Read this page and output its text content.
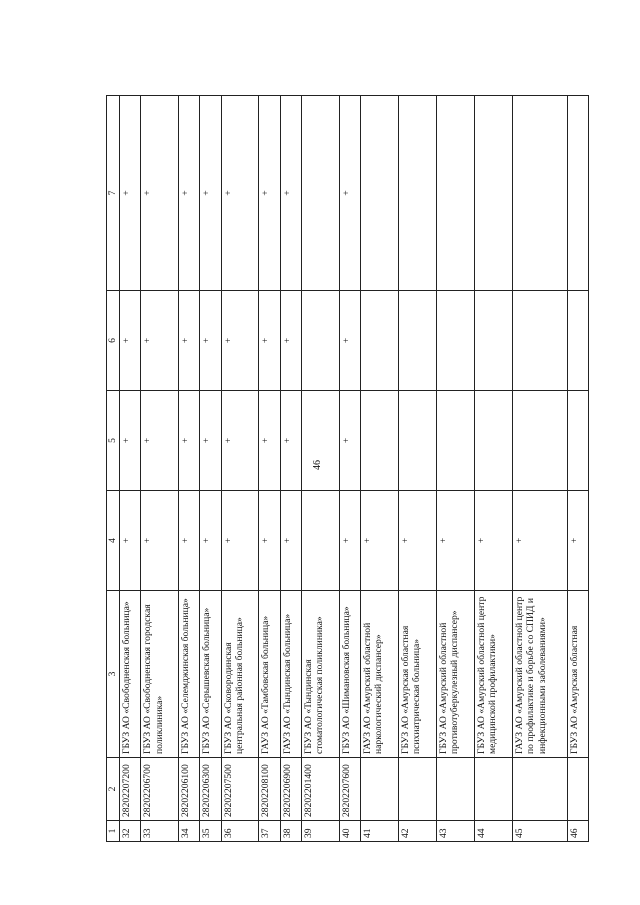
46
1	2	3	4	5	6	7
32	28202207200	ГБУЗ АО «Свободненская больница»	+	+	+	+
33	28202206700	ГБУЗ АО «Свободненская городская поликлиника»	+	+	+	+
34	28202206100	ГБУЗ АО «Селемджинская больница»	+	+	+	+
35	28202206300	ГБУЗ АО «Серышевская больница»	+	+	+	+
36	28202207500	ГБУЗ АО «Сковородинская центральная районная больница»	+	+	+	+
37	28202208100	ГАУЗ АО «Тамбовская больница»	+	+	+	+
38	28202206900	ГАУЗ АО «Тындинская больница»	+	+	+	+
39	28202201400	ГБУЗ АО «Тындинская стоматологическая поликлиника»				
40	28202207600	ГБУЗ АО «Шимановская больница»	+	+	+	+
41		ГАУЗ АО «Амурский областной наркологический диспансер»	+			
42		ГБУЗ АО «Амурская областная психиатрическая больница»	+			
43		ГБУЗ АО «Амурский областной противотуберкулезный диспансер»	+			
44		ГБУЗ АО «Амурский областной центр медицинской профилактики»	+			
45		ГАУЗ АО «Амурский областной центр по профилактике и борьбе со СПИД и инфекционными заболеваниями»	+			
46		ГБУЗ АО «Амурская областная	+			
